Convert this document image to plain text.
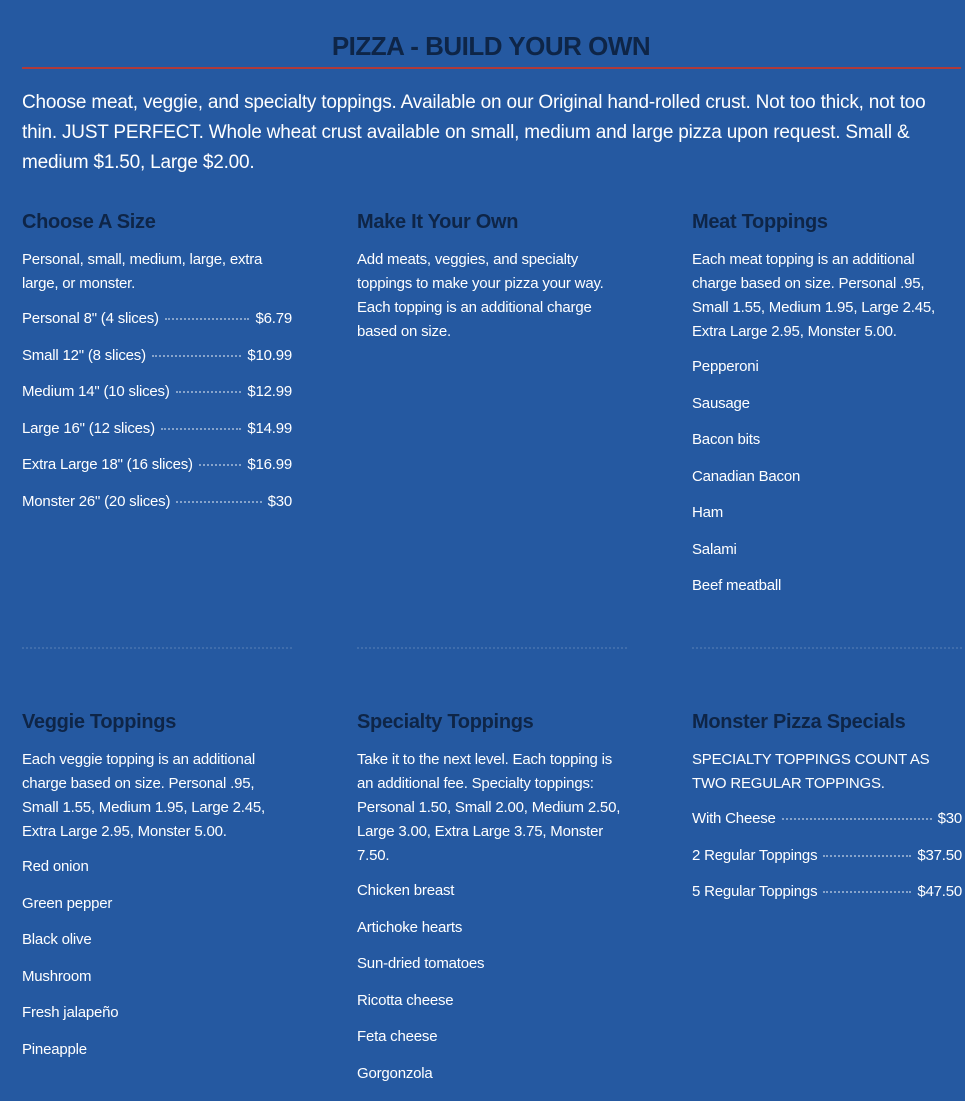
PIZZA - BUILD YOUR OWN

Choose meat, veggie, and specialty toppings. Available on our Original hand-rolled crust. Not too thick, not too thin. JUST PERFECT. Whole wheat crust available on small, medium and large pizza upon request. Small & medium $1.50, Large $2.00.

Choose A Size

Personal, small, medium, large, extra large, or monster.

Personal 8" (4 slices)	$6.79
Small 12" (8 slices)	$10.99
Medium 14" (10 slices)	$12.99
Large 16" (12 slices)	$14.99
Extra Large 18" (16 slices)	$16.99
Monster 26" (20 slices)	$30
Make It Your Own

Add meats, veggies, and specialty toppings to make your pizza your way. Each topping is an additional charge based on size.

Meat Toppings

Each meat topping is an additional charge based on size. Personal .95, Small 1.55, Medium 1.95, Large 2.45, Extra Large 2.95, Monster 5.00.

Pepperoni
Sausage
Bacon bits
Canadian Bacon
Ham
Salami
Beef meatball
Veggie Toppings

Each veggie topping is an additional charge based on size. Personal .95, Small 1.55, Medium 1.95, Large 2.45, Extra Large 2.95, Monster 5.00.

Red onion
Green pepper
Black olive
Mushroom
Fresh jalapeño
Pineapple
Specialty Toppings

Take it to the next level. Each topping is an additional fee. Specialty toppings: Personal 1.50, Small 2.00, Medium 2.50, Large 3.00, Extra Large 3.75, Monster 7.50.

Chicken breast
Artichoke hearts
Sun-dried tomatoes
Ricotta cheese
Feta cheese
Gorgonzola
Monster Pizza Specials

SPECIALTY TOPPINGS COUNT AS TWO REGULAR TOPPINGS.

With Cheese	$30
2 Regular Toppings	$37.50
5 Regular Toppings	$47.50
